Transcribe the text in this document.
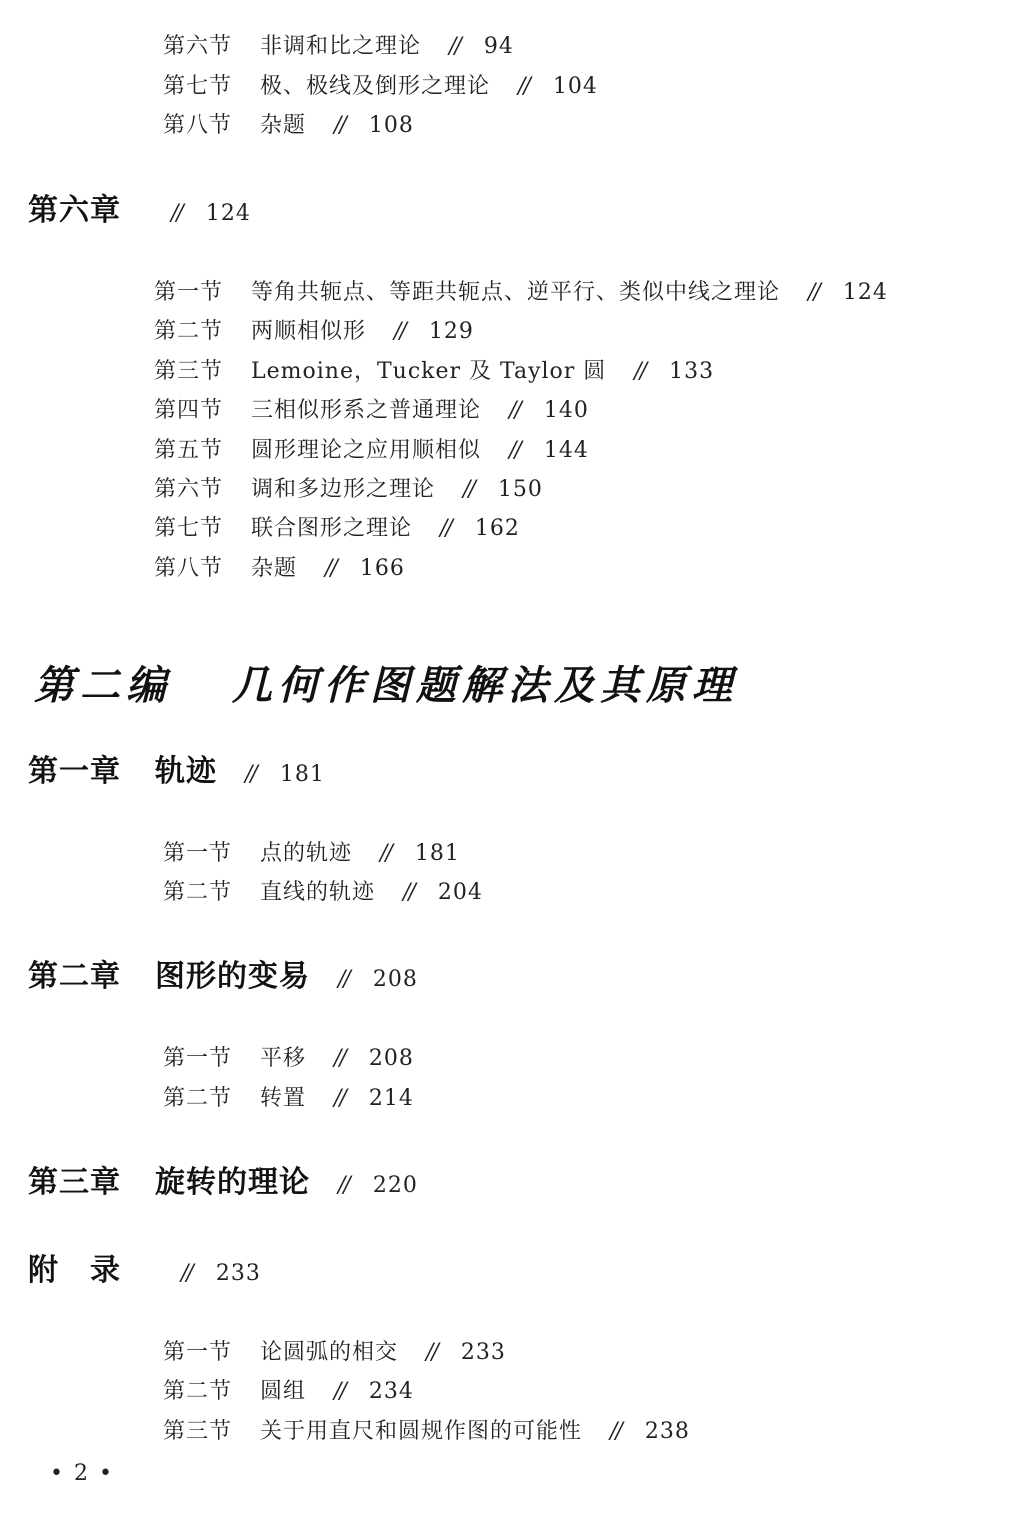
第六节 非调和比之理论 // 94
第七节 极、极线及倒形之理论 // 104
第八节 杂题 // 108
第六章 // 124
第一节 等角共轭点、等距共轭点、逆平行、类似中线之理论 // 124
第二节 两顺相似形 // 129
第三节 Lemoine，Tucker 及 Taylor 圆 // 133
第四节 三相似形系之普通理论 // 140
第五节 圆形理论之应用顺相似 // 144
第六节 调和多边形之理论 // 150
第七节 联合图形之理论 // 162
第八节 杂题 // 166
第二编 几何作图题解法及其原理
第一章 轨迹 // 181
第一节 点的轨迹 // 181
第二节 直线的轨迹 // 204
第二章 图形的变易 // 208
第一节 平移 // 208
第二节 转置 // 214
第三章 旋转的理论 // 220
附　录	// 233
第一节 论圆弧的相交 // 233
第二节 圆组 // 234
第三节 关于用直尺和圆规作图的可能性 // 238
• 2 •
